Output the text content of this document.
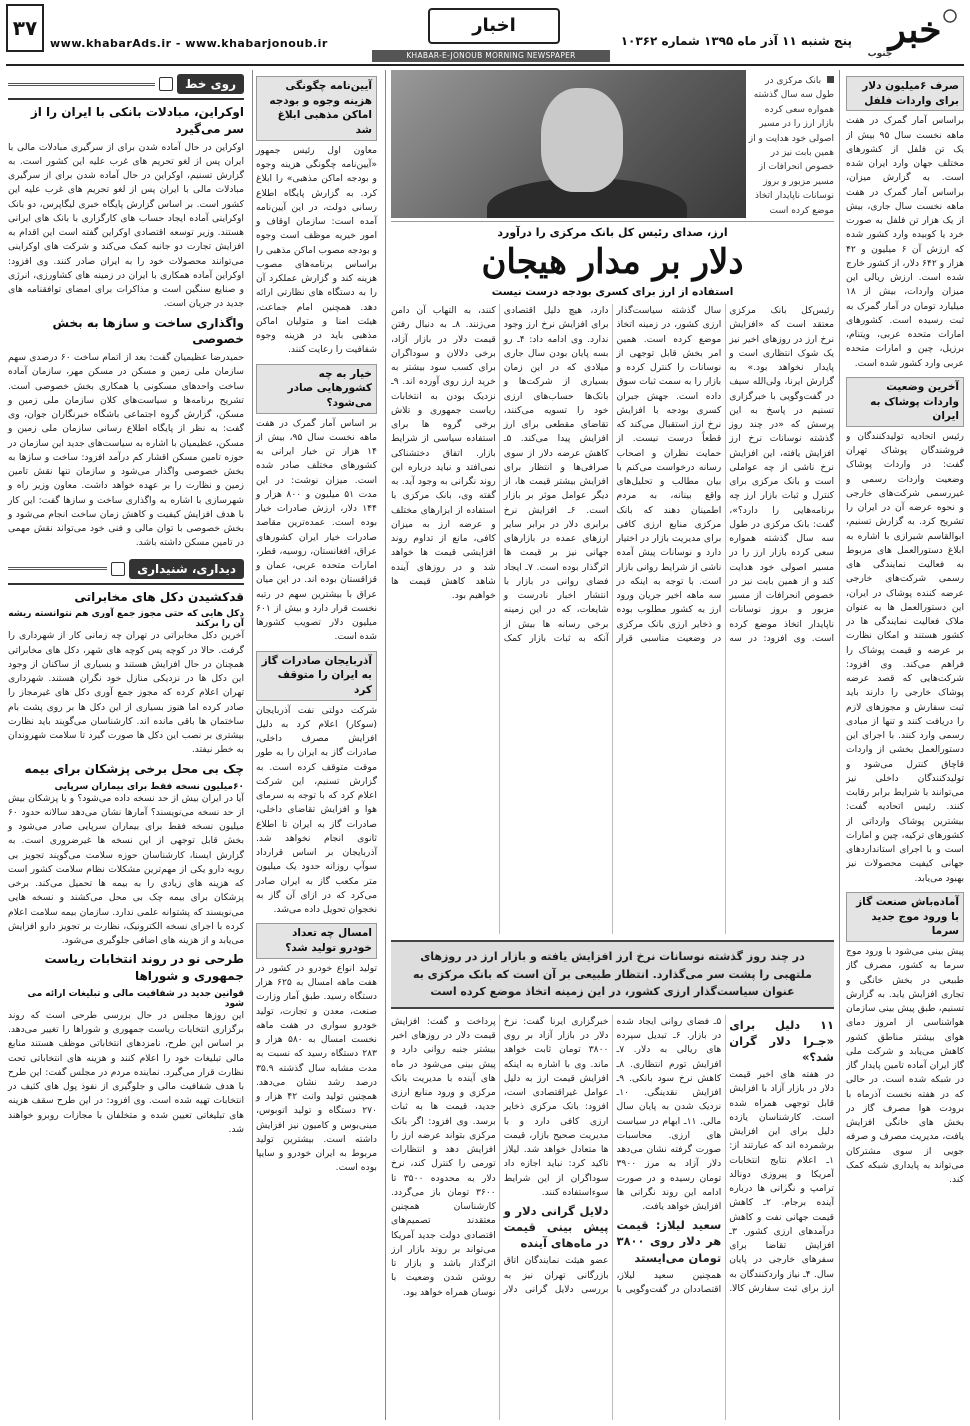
خبر
جنوب
پنج شنبه ۱۱ آذر ماه ۱۳۹۵ شماره ۱۰۳۶۲
اخبار
www.khabarAds.ir - www.khabarjonoub.ir
۳۷
KHABAR-E-JONOUB MORNING NEWSPAPER
صرف ۶میلیون دلار برای واردات فلفل
براساس آمار گمرک در هفت ماهه نخست سال ۹۵ بیش از یک تن فلفل از کشورهای مختلف جهان وارد ایران شده است. به گزارش میزان، براساس آمار گمرک در هفت ماهه نخست سال جاری، بیش از یک هزار تن فلفل به صورت خرد یا کوبیده وارد کشور شده که ارزش آن ۶ میلیون و ۴۲ هزار و ۶۴۲ دلار، از کشور خارج شده است. ارزش ریالی این میزان واردات، بیش از ۱۸ میلیارد تومان در آمار گمرک به ثبت رسیده است. کشورهای امارات متحده عربی، ویتنام، برزیل، چین و امارات متحده عربی وارد کشور شده است.
آخرین وضعیت واردات پوشاک به ایران
رئیس اتحادیه تولیدکنندگان و فروشندگان پوشاک تهران گفت: در واردات پوشاک وضعیت واردات رسمی و غیررسمی شرکت‌های خارجی و نحوه عرضه آن در ایران را تشریح کرد. به گزارش تسنیم، ابوالقاسم شیرازی با اشاره به ابلاغ دستورالعمل های مربوط به فعالیت نمایندگی های رسمی شرکت‌های خارجی عرضه کننده پوشاک در ایران، این دستورالعمل ها به عنوان ملاک فعالیت نمایندگی ها در کشور هستند و امکان نظارت بر عرضه و قیمت پوشاک را فراهم می‌کند. وی افزود: شرکت‌هایی که قصد عرضه پوشاک خارجی را دارند باید ثبت سفارش و مجوزهای لازم را دریافت کنند و تنها از مبادی رسمی وارد کنند. با اجرای این دستورالعمل بخشی از واردات قاچاق کنترل می‌شود و تولیدکنندگان داخلی نیز می‌توانند با شرایط برابر رقابت کنند. رئیس اتحادیه گفت: بیشترین پوشاک وارداتی از کشورهای ترکیه، چین و امارات است و با اجرای استانداردهای جهانی کیفیت محصولات نیز بهبود می‌یابد.
آماده‌باش صنعت گاز با ورود موج جدید سرما
پیش بینی می‌شود با ورود موج سرما به کشور، مصرف گاز طبیعی در بخش خانگی و تجاری افزایش یابد. به گزارش تسنیم، طبق پیش بینی سازمان هواشناسی از امروز دمای هوای بیشتر مناطق کشور کاهش می‌یابد و شرکت ملی گاز ایران آماده تامین پایدار گاز در شبکه شده است. در حالی که در هفته نخست آذرماه با برودت هوا مصرف گاز در بخش های خانگی افزایش یافت، مدیریت مصرف و صرفه جویی از سوی مشترکان می‌تواند به پایداری شبکه کمک کند.
بانک مرکزی در طول سه سال گذشته همواره سعی کرده بازار ارز را در مسیر اصولی خود هدایت و از همین بابت نیز در خصوص انحرافات از مسیر مزبور و بروز نوسانات ناپایدار اتخاذ موضع کرده است
ارز، صدای رئیس کل بانک مرکزی را درآورد
دلار بر مدار هیجان
استفاده از ارز برای کسری بودجه درست نیست

رئیس‌کل بانک مرکزی معتقد است که «افزایش نرخ ارز در روزهای اخیر نیز یک شوک انتظاری است و پایدار نخواهد بود.» به گزارش ایرنا، ولی‌الله سیف در گفت‌وگویی با خبرگزاری تسنیم در پاسخ به این پرسش که «در چند روز گذشته نوسانات نرخ ارز افزایش یافته، این افزایش نرخ ناشی از چه عواملی است و بانک مرکزی برای کنترل و ثبات بازار ارز چه برنامه‌هایی را دارد؟»، گفت: بانک مرکزی در طول سه سال گذشته همواره سعی کرده بازار ارز را در مسیر اصولی خود هدایت کند و از همین بابت نیز در خصوص انحرافات از مسیر مزبور و بروز نوسانات ناپایدار اتخاذ موضع کرده است. وی افزود: در سه سال گذشته سیاست‌گذار ارزی کشور، در زمینه اتخاذ موضع کرده است. همین امر بخش قابل توجهی از نوسانات را کنترل کرده و بازار را به سمت ثبات سوق داده است. جهش جبران کسری بودجه با افزایش نرخ ارز استقبال می‌کند که قطعاً درست نیست. از حمایت نظران و اصحاب رسانه درخواست می‌کنم با بیان مطالب و تحلیل‌های واقع بینانه، به مردم اطمینان دهند که بانک مرکزی منابع ارزی کافی برای مدیریت بازار در اختیار دارد و نوسانات پیش آمده ناشی از شرایط روانی بازار است. با توجه به اینکه در سه ماهه اخیر جریان ورود ارز به کشور مطلوب بوده و ذخایر ارزی بانک مرکزی در وضعیت مناسبی قرار دارد، هیچ دلیل اقتصادی برای افزایش نرخ ارز وجود ندارد. وی ادامه داد: ۴ـ رو بسه پایان بودن سال جاری میلادی که در این زمان بسیاری از شرکت‌ها و بانک‌ها حساب‌های ارزی خود را تسویه می‌کنند، تقاضای مقطعی برای ارز افزایش پیدا می‌کند. ۵ـ کاهش عرضه دلار از سوی صرافی‌ها و انتظار برای افزایش بیشتر قیمت ها، از دیگر عوامل موثر بر بازار است. ۶ـ افزایش نرخ برابری دلار در برابر سایر ارزهای عمده در بازارهای جهانی نیز بر قیمت ها اثرگذار بوده است. ۷ـ ایجاد فضای روانی در بازار با انتشار اخبار نادرست و شایعات، که در این زمینه برخی رسانه ها بیش از آنکه به ثبات بازار کمک کنند، به التهاب آن دامن می‌زنند. ۸ـ به دنبال رفتن قیمت دلار در بازار آزاد، برخی دلالان و سوداگران برای کسب سود بیشتر به خرید ارز روی آورده اند. ۹ـ نزدیک بودن به انتخابات ریاست جمهوری و تلاش برخی گروه ها برای استفاده سیاسی از شرایط بازار. اتفاق دختشناکی نمی‌افتد و نباید درباره این روند نگرانی به وجود آید. به گفته وی، بانک مرکزی با استفاده از ابزارهای مختلف و عرضه ارز به میزان کافی، مانع از تداوم روند افزایشی قیمت ها خواهد شد و در روزهای آینده شاهد کاهش قیمت ها خواهیم بود.

در چند روز گذشته نوسانات نرخ ارز افزایش یافته و بازار ارز در روزهای ملتهبی را پشت سر می‌گذارد. انتظار طبیعی بر آن است که بانک مرکزی به عنوان سیاست‌گذار ارزی کشور، در این زمینه اتخاذ موضع کرده است
۱۱ دلیل برای «جـرا دلار گران شد؟»

در هفته های اخیر قیمت دلار در بازار آزاد با افزایش قابل توجهی همراه شده است. کارشناسان یازده دلیل برای این افزایش برشمرده اند که عبارتند از: ۱ـ اعلام نتایج انتخابات آمریکا و پیروزی دونالد ترامپ و نگرانی ها درباره آینده برجام. ۲ـ کاهش قیمت جهانی نفت و کاهش درآمدهای ارزی کشور. ۳ـ افزایش تقاضا برای سفرهای خارجی در پایان سال. ۴ـ نیاز واردکنندگان به ارز برای ثبت سفارش کالا. ۵ـ فضای روانی ایجاد شده در بازار. ۶ـ تبدیل سپرده های ریالی به دلار. ۷ـ افزایش تورم انتظاری. ۸ـ کاهش نرخ سود بانکی. ۹ـ افزایش نقدینگی. ۱۰ـ نزدیک شدن به پایان سال مالی. ۱۱ـ ابهام در سیاست های ارزی. محاسبات صورت گرفته نشان می‌دهد دلار آزاد به مرز ۳۹۰۰ تومان رسیده و در صورت ادامه این روند نگرانی ها افزایش خواهد یافت.

سعید لیلاز: قیمت هر دلار روی ۳۸۰۰ تومان می‌ایستد

همچنین سعید لیلاز، اقتصاددان در گفت‌وگویی با خبرگزاری ایرنا گفت: نرخ دلار در بازار آزاد بر روی ۳۸۰۰ تومان ثابت خواهد ماند. وی با اشاره به اینکه افزایش قیمت ارز به دلیل عوامل غیراقتصادی است، افزود: بانک مرکزی ذخایر ارزی کافی دارد و با مدیریت صحیح بازار، قیمت ها متعادل خواهد شد. لیلاز تاکید کرد: نباید اجازه داد سوداگران از این شرایط سوءاستفاده کنند.

دلایل گرانی دلار و پیش بینی قیمت در ماه‌های آینده

عضو هیئت نمایندگان اتاق بازرگانی تهران نیز به بررسی دلایل گرانی دلار پرداخت و گفت: افزایش قیمت دلار در روزهای اخیر بیشتر جنبه روانی دارد و پیش بینی می‌شود در ماه های آینده با مدیریت بانک مرکزی و ورود منابع ارزی جدید، قیمت ها به ثبات برسد. وی افزود: اگر بانک مرکزی بتواند عرضه ارز را افزایش دهد و انتظارات تورمی را کنترل کند، نرخ دلار به محدوده ۳۵۰۰ تا ۳۶۰۰ تومان باز می‌گردد. کارشناسان همچنین معتقدند تصمیم‌های اقتصادی دولت جدید آمریکا می‌تواند بر روند بازار ارز اثرگذار باشد و بازار تا روشن شدن وضعیت با نوسان همراه خواهد بود.

آیین‌نامه چگونگی هزینه وجوه و بودجه اماکن مذهبی ابلاغ شد
معاون اول رئیس جمهور «آیین‌نامه چگونگی هزینه وجوه و بودجه اماکن مذهبی» را ابلاغ کرد. به گزارش پایگاه اطلاع رسانی دولت، در این آیین‌نامه آمده است: سازمان اوقاف و امور خیریه موظف است وجوه و بودجه مصوب اماکن مذهبی را براساس برنامه‌های مصوب هزینه کند و گزارش عملکرد آن را به دستگاه های نظارتی ارائه دهد. همچنین امام جماعت، هیئت امنا و متولیان اماکن مذهبی باید در هزینه وجوه شفافیت را رعایت کنند.
خیار به چه کشورهایی صادر می‌شود؟
بر اساس آمار گمرک در هفت ماهه نخست سال ۹۵، بیش از ۱۴ هزار تن خیار ایرانی به کشورهای مختلف صادر شده است. میزان نوشت: در این مدت ۵۱ میلیون و ۸۰۰ هزار و ۱۴۴ دلار، ارزش صادرات خیار بوده است. عمده‌ترین مقاصد صادرات خیار ایران کشورهای عراق، افغانستان، روسیه، قطر، امارات متحده عربی، عمان و قزاقستان بوده اند. در این میان عراق با بیشترین سهم در رتبه نخست قرار دارد و بیش از ۶۰۱ میلیون دلار تصویب کشورها شده است.
آذربایجان صادرات گاز به ایران را متوقف کرد
شرکت دولتی نفت آذربایجان (سوکار) اعلام کرد به دلیل افزایش مصرف داخلی، صادرات گاز به ایران را به طور موقت متوقف کرده است. به گزارش تسنیم، این شرکت اعلام کرد که با توجه به سرمای هوا و افزایش تقاضای داخلی، صادرات گاز به ایران تا اطلاع ثانوی انجام نخواهد شد. آذربایجان بر اساس قرارداد سوآپ روزانه حدود یک میلیون متر مکعب گاز به ایران صادر می‌کرد که در ازای آن گاز به نخجوان تحویل داده می‌شد.
امسال چه تعداد خودرو تولید شد؟
تولید انواع خودرو در کشور در هفت ماهه امسال به ۶۲۵ هزار دستگاه رسید. طبق آمار وزارت صنعت، معدن و تجارت، تولید خودرو سواری در هفت ماهه نخست امسال به ۵۸۰ هزار و ۲۸۳ دستگاه رسید که نسبت به مدت مشابه سال گذشته ۳۵.۹ درصد رشد نشان می‌دهد. همچنین تولید وانت ۴۲ هزار و ۲۷۰ دستگاه و تولید اتوبوس، مینی‌بوس و کامیون نیز افزایش داشته است. بیشترین تولید مربوط به ایران خودرو و سایپا بوده است.
روی خط
اوکراین، مبادلات بانکی با ایران را از سر می‌گیرد
اوکراین در حال آماده شدن برای از سرگیری مبادلات مالی با ایران پس از لغو تحریم های غرب علیه این کشور است. به گزارش تسنیم، اوکراین در حال آماده شدن برای از سرگیری مبادلات مالی با ایران پس از لغو تحریم های غرب علیه این کشور است. بر اساس گزارش پایگاه خبری لیگاپرس، دو بانک اوکراینی آماده ایجاد حساب های کارگزاری با بانک های ایرانی هستند. وزیر توسعه اقتصادی اوکراین گفته است این اقدام به افزایش تجارت دو جانبه کمک می‌کند و شرکت های اوکراینی می‌توانند محصولات خود را به ایران صادر کنند. وی افزود: اوکراین آماده همکاری با ایران در زمینه های کشاورزی، انرژی و صنایع سنگین است و مذاکرات برای امضای توافقنامه های جدید در جریان است.
واگذاری ساخت و سازها به بخش خصوصی
حمیدرضا عظیمیان گفت: بعد از اتمام ساخت ۶۰ درصدی سهم سازمان ملی زمین و مسکن در مسکن مهر، سازمان آماده ساخت واحدهای مسکونی با همکاری بخش خصوصی است. تشریح برنامه‌ها و سیاست‌های کلان سازمان ملی زمین و مسکن، گزارش گروه اجتماعی باشگاه خبرنگاران جوان، وی گفت: به نظر از پایگاه اطلاع رسانی سازمان ملی زمین و مسکن، عظیمیان با اشاره به سیاست‌های جدید این سازمان در حوزه تامین مسکن اقشار کم درآمد افزود: ساخت و سازها به بخش خصوصی واگذار می‌شود و سازمان تنها نقش تامین زمین و نظارت را بر عهده خواهد داشت. معاون وزیر راه و شهرسازی با اشاره به واگذاری ساخت و سازها گفت: این کار با هدف افزایش کیفیت و کاهش زمان ساخت انجام می‌شود و بخش خصوصی با توان مالی و فنی خود می‌تواند نقش مهمی در تامین مسکن داشته باشد.
دیداری، شنیداری
قدکشیدن دکل های مخابراتی
دکل هایی که حتی مجوز جمع آوری هم نتوانسته ریشه آن را برکند
آخرین دکل مخابراتی در تهران چه زمانی کار از شهرداری را گرفت. حالا در کوچه پس کوچه های شهر، دکل های مخابراتی همچنان در حال افزایش هستند و بسیاری از ساکنان از وجود این دکل ها در نزدیکی منازل خود نگران هستند. شهرداری تهران اعلام کرده که مجوز جمع آوری دکل های غیرمجاز را صادر کرده اما هنوز بسیاری از این دکل ها بر روی پشت بام ساختمان ها باقی مانده اند. کارشناسان می‌گویند باید نظارت بیشتری بر نصب این دکل ها صورت گیرد تا سلامت شهروندان به خطر نیفتد.
چک بی محل برخی پزشکان برای بیمه
۶۰میلیون نسخه فقط برای بیماران سرپایی
آیا در ایران بیش از حد نسخه داده می‌شود؟ و یا پزشکان بیش از حد نسخه می‌نویسند؟ آمارها نشان می‌دهد سالانه حدود ۶۰ میلیون نسخه فقط برای بیماران سرپایی صادر می‌شود و بخش قابل توجهی از این نسخه ها غیرضروری است. به گزارش ایسنا، کارشناسان حوزه سلامت می‌گویند تجویز بی رویه دارو یکی از مهم‌ترین مشکلات نظام سلامت کشور است که هزینه های زیادی را به بیمه ها تحمیل می‌کند. برخی پزشکان برای بیمه چک بی محل می‌کشند و نسخه هایی می‌نویسند که پشتوانه علمی ندارد. سازمان بیمه سلامت اعلام کرده با اجرای نسخه الکترونیک، نظارت بر تجویز دارو افزایش می‌یابد و از هزینه های اضافی جلوگیری می‌شود.
طرحی نو در روند انتخابات ریاست جمهوری و شوراها
قوانین جدید در شفافیت مالی و تبلیغات ارائه می شود
این روزها مجلس در حال بررسی طرحی است که روند برگزاری انتخابات ریاست جمهوری و شوراها را تغییر می‌دهد. بر اساس این طرح، نامزدهای انتخاباتی موظف هستند منابع مالی تبلیغات خود را اعلام کنند و هزینه های انتخاباتی تحت نظارت قرار می‌گیرد. نماینده مردم در مجلس گفت: این طرح با هدف شفافیت مالی و جلوگیری از نفوذ پول های کثیف در انتخابات تهیه شده است. وی افزود: در این طرح سقف هزینه های تبلیغاتی تعیین شده و متخلفان با مجازات روبرو خواهند شد.
